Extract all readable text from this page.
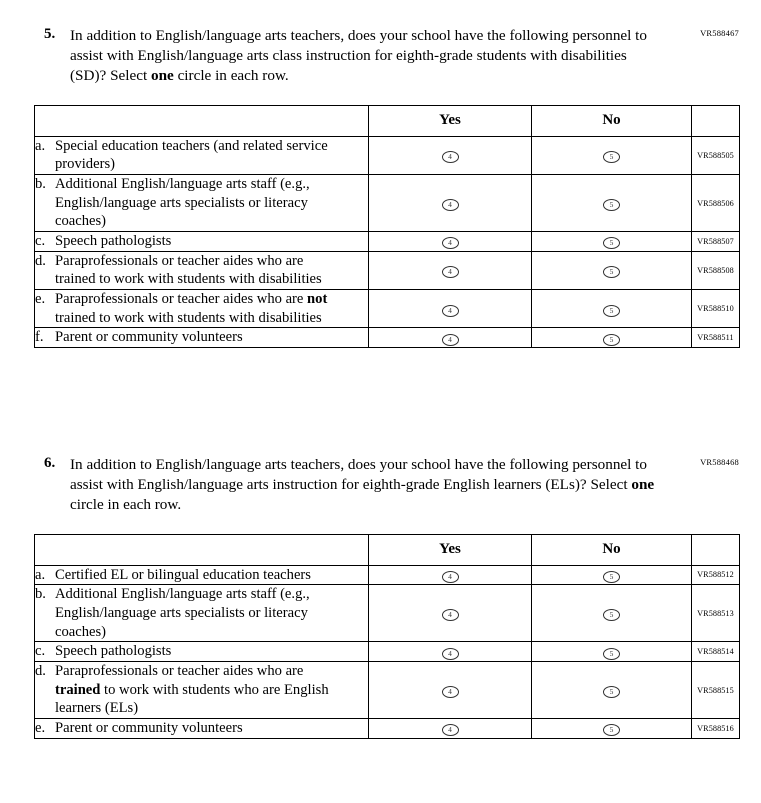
VR588467
5. In addition to English/language arts teachers, does your school have the following personnel to assist with English/language arts class instruction for eighth-grade students with disabilities (SD)? Select one circle in each row.
	Yes	No	
a. Special education teachers (and related service providers)	4	5	VR588505
b. Additional English/language arts staff (e.g., English/language arts specialists or literacy coaches)	4	5	VR588506
c. Speech pathologists	4	5	VR588507
d. Paraprofessionals or teacher aides who are trained to work with students with disabilities	4	5	VR588508
e. Paraprofessionals or teacher aides who are not trained to work with students with disabilities	4	5	VR588510
f. Parent or community volunteers	4	5	VR588511
VR588468
6. In addition to English/language arts teachers, does your school have the following personnel to assist with English/language arts instruction for eighth-grade English learners (ELs)? Select one circle in each row.
	Yes	No	
a. Certified EL or bilingual education teachers	4	5	VR588512
b. Additional English/language arts staff (e.g., English/language arts specialists or literacy coaches)	4	5	VR588513
c. Speech pathologists	4	5	VR588514
d. Paraprofessionals or teacher aides who are trained to work with students who are English learners (ELs)	4	5	VR588515
e. Parent or community volunteers	4	5	VR588516
